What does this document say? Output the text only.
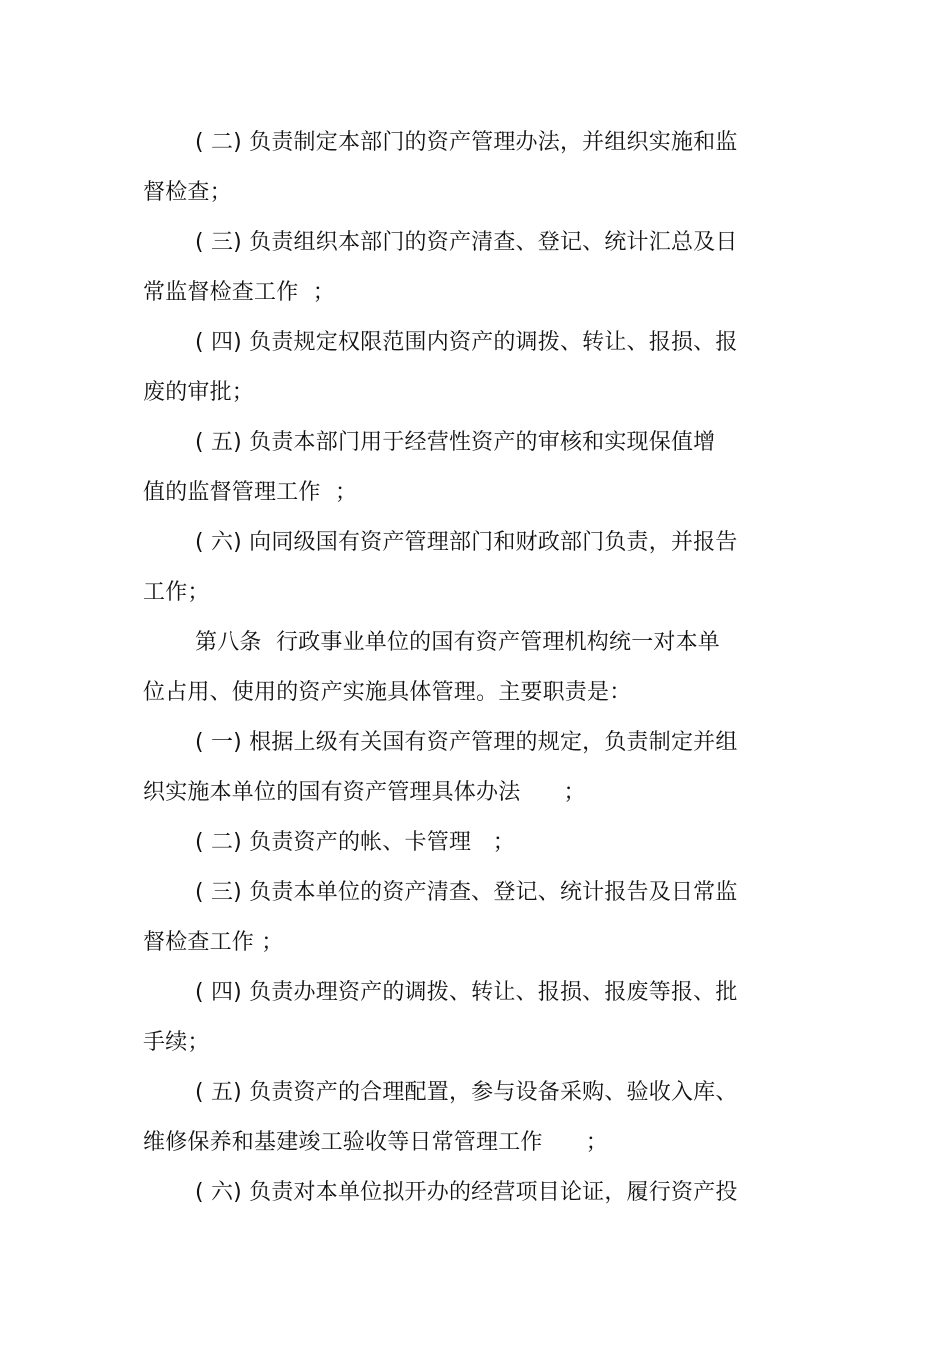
( 二) 负责制定本部门的资产管理办法，并组织实施和监
督检查；
( 三) 负责组织本部门的资产清查、登记、统计汇总及日
常监督检查工作  ；
( 四) 负责规定权限范围内资产的调拨、转让、报损、报
废的审批；
( 五) 负责本部门用于经营性资产的审核和实现保值增
值的监督管理工作  ；
( 六) 向同级国有资产管理部门和财政部门负责，并报告
工作；
第八条  行政事业单位的国有资产管理机构统一对本单
位占用、使用的资产实施具体管理。主要职责是：
( 一) 根据上级有关国有资产管理的规定，负责制定并组
织实施本单位的国有资产管理具体办法      ；
( 二) 负责资产的帐、卡管理   ；
( 三) 负责本单位的资产清查、登记、统计报告及日常监
督检查工作 ；
( 四) 负责办理资产的调拨、转让、报损、报废等报、批
手续；
( 五) 负责资产的合理配置，参与设备采购、验收入库、
维修保养和基建竣工验收等日常管理工作      ；
( 六) 负责对本单位拟开办的经营项目论证，履行资产投
